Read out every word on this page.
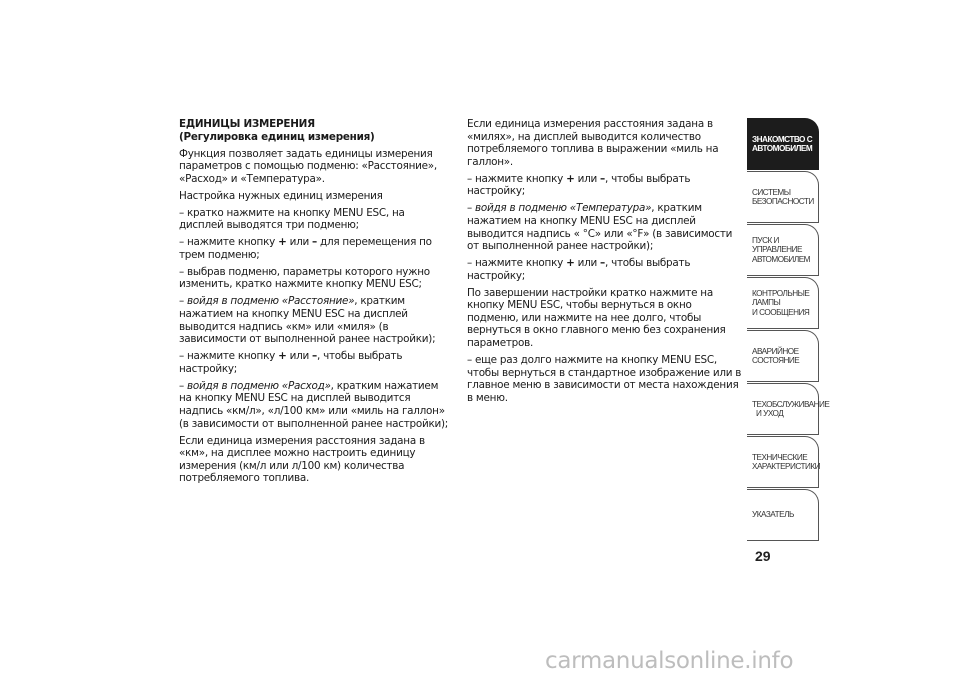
ЕДИНИЦЫ ИЗМЕРЕНИЯ
(Регулировка единиц измерения)

Функция позволяет задать единицы измерения параметров с помощью подменю: «Расстояние», «Расход» и «Температура».

Настройка нужных единиц измерения

– кратко нажмите на кнопку MENU ESC, на дисплей выводятся три подменю;

– нажмите кнопку + или – для перемещения по трем подменю;

– выбрав подменю, параметры которого нужно изменить, кратко нажмите кнопку MENU ESC;

– войдя в подменю «Расстояние», кратким нажатием на кнопку MENU ESC на дисплей выводится надпись «км» или «миля» (в зависимости от выполненной ранее настройки);

– нажмите кнопку + или –, чтобы выбрать настройку;

– войдя в подменю «Расход», кратким нажатием на кнопку MENU ESC на дисплей выводится надпись «км/л», «л/100 км» или «миль на галлон» (в зависимости от выполненной ранее настройки);

Если единица измерения расстояния задана в «км», на дисплее можно настроить единицу измерения (км/л или л/100 км) количества потребляемого топлива.

Если единица измерения расстояния задана в «милях», на дисплей выводится количество потребляемого топлива в выражении «миль на галлон».

– нажмите кнопку + или –, чтобы выбрать настройку;

– войдя в подменю «Температура», кратким нажатием на кнопку MENU ESC на дисплей выводится надпись « °С» или «°F» (в зависимости от выполненной ранее настройки);

– нажмите кнопку + или –, чтобы выбрать настройку;

По завершении настройки кратко нажмите на кнопку MENU ESC, чтобы вернуться в окно подменю, или нажмите на нее долго, чтобы вернуться в окно главного меню без сохранения параметров.

– еще раз долго нажмите на кнопку MENU ESC, чтобы вернуться в стандартное изображение или в главное меню в зависимости от места нахождения в меню.

ЗНАКОМСТВО С
АВТОМОБИЛЕМ
СИСТЕМЫ
БЕЗОПАСНОСТИ
ПУСК И УПРАВЛЕНИЕ
АВТОМОБИЛЕМ
КОНТРОЛЬНЫЕ
ЛАМПЫ
И СООБЩЕНИЯ
АВАРИЙНОЕ
СОСТОЯНИЕ
ТЕХОБСЛУЖИВАНИЕ
И УХОД
ТЕХНИЧЕСКИЕ
ХАРАКТЕРИСТИКИ
УКАЗАТЕЛЬ
29
carmanualsonline.info
